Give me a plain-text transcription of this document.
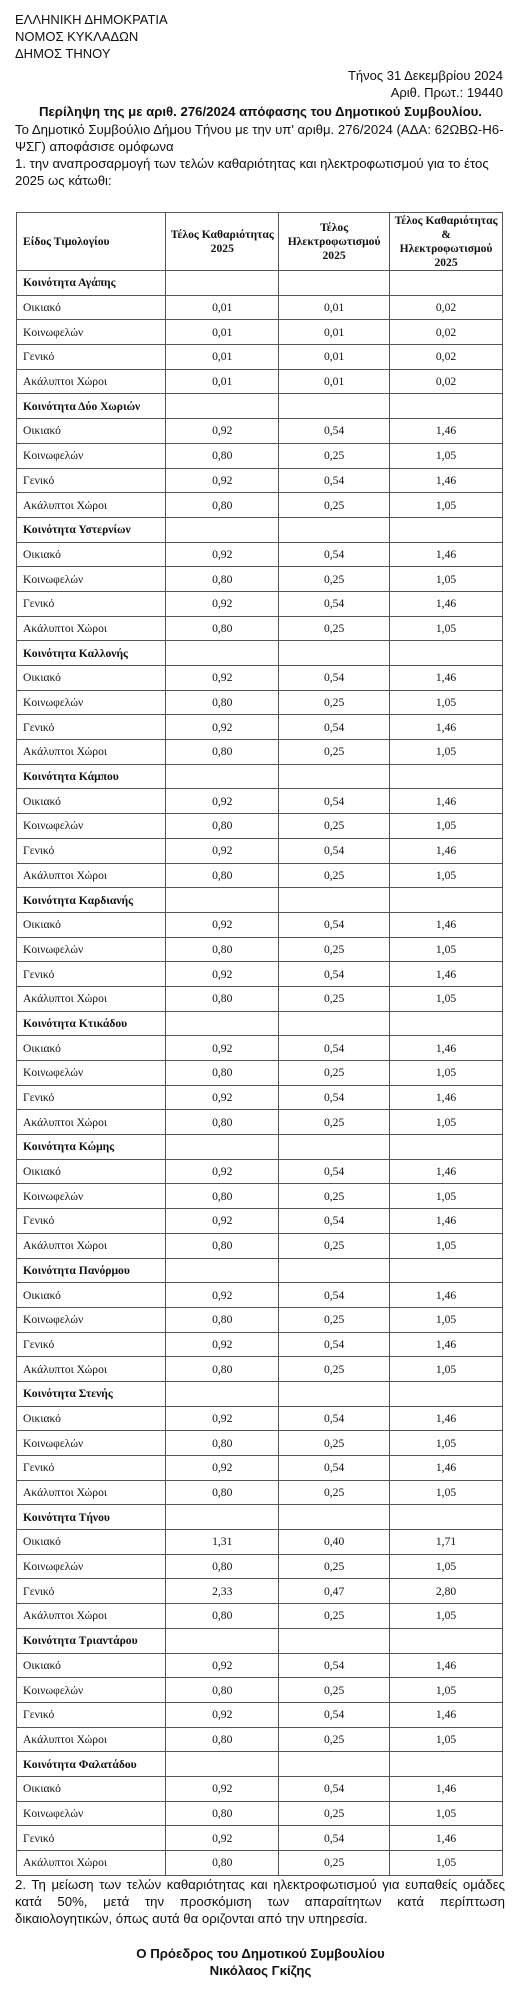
ΕΛΛΗΝΙΚΗ ΔΗΜΟΚΡΑΤΙΑ
ΝΟΜΟΣ ΚΥΚΛΑΔΩΝ
ΔΗΜΟΣ ΤΗΝΟΥ
Τήνος 31 Δεκεμβρίου 2024
Αριθ. Πρωτ.: 19440
Περίληψη της με αριθ. 276/2024 απόφασης του Δημοτικού Συμβουλίου.

Το Δημοτικό Συμβούλιο Δήμου Τήνου με την υπ' αριθμ. 276/2024 (ΑΔΑ: 62ΩΒΩ-Η6-ΨΣΓ) αποφάσισε ομόφωνα

1. την αναπροσαρμογή των τελών καθαριότητας και ηλεκτροφωτισμού για το έτος 2025 ως κάτωθι:

Είδος Τιμολογίου	Τέλος Καθαριότητας 2025	Τέλος Ηλεκτροφωτισμού 2025	Τέλος Καθαριότητας & Ηλεκτροφωτισμού 2025
Κοινότητα Αγάπης			
Οικιακό	0,01	0,01	0,02
Κοινωφελών	0,01	0,01	0,02
Γενικό	0,01	0,01	0,02
Ακάλυπτοι Χώροι	0,01	0,01	0,02
Κοινότητα Δύο Χωριών			
Οικιακό	0,92	0,54	1,46
Κοινωφελών	0,80	0,25	1,05
Γενικό	0,92	0,54	1,46
Ακάλυπτοι Χώροι	0,80	0,25	1,05
Κοινότητα Υστερνίων			
Οικιακό	0,92	0,54	1,46
Κοινωφελών	0,80	0,25	1,05
Γενικό	0,92	0,54	1,46
Ακάλυπτοι Χώροι	0,80	0,25	1,05
Κοινότητα Καλλονής			
Οικιακό	0,92	0,54	1,46
Κοινωφελών	0,80	0,25	1,05
Γενικό	0,92	0,54	1,46
Ακάλυπτοι Χώροι	0,80	0,25	1,05
Κοινότητα Κάμπου			
Οικιακό	0,92	0,54	1,46
Κοινωφελών	0,80	0,25	1,05
Γενικό	0,92	0,54	1,46
Ακάλυπτοι Χώροι	0,80	0,25	1,05
Κοινότητα Καρδιανής			
Οικιακό	0,92	0,54	1,46
Κοινωφελών	0,80	0,25	1,05
Γενικό	0,92	0,54	1,46
Ακάλυπτοι Χώροι	0,80	0,25	1,05
Κοινότητα Κτικάδου			
Οικιακό	0,92	0,54	1,46
Κοινωφελών	0,80	0,25	1,05
Γενικό	0,92	0,54	1,46
Ακάλυπτοι Χώροι	0,80	0,25	1,05
Κοινότητα Κώμης			
Οικιακό	0,92	0,54	1,46
Κοινωφελών	0,80	0,25	1,05
Γενικό	0,92	0,54	1,46
Ακάλυπτοι Χώροι	0,80	0,25	1,05
Κοινότητα Πανόρμου			
Οικιακό	0,92	0,54	1,46
Κοινωφελών	0,80	0,25	1,05
Γενικό	0,92	0,54	1,46
Ακάλυπτοι Χώροι	0,80	0,25	1,05
Κοινότητα Στενής			
Οικιακό	0,92	0,54	1,46
Κοινωφελών	0,80	0,25	1,05
Γενικό	0,92	0,54	1,46
Ακάλυπτοι Χώροι	0,80	0,25	1,05
Κοινότητα Τήνου			
Οικιακό	1,31	0,40	1,71
Κοινωφελών	0,80	0,25	1,05
Γενικό	2,33	0,47	2,80
Ακάλυπτοι Χώροι	0,80	0,25	1,05
Κοινότητα Τριαντάρου			
Οικιακό	0,92	0,54	1,46
Κοινωφελών	0,80	0,25	1,05
Γενικό	0,92	0,54	1,46
Ακάλυπτοι Χώροι	0,80	0,25	1,05
Κοινότητα Φαλατάδου			
Οικιακό	0,92	0,54	1,46
Κοινωφελών	0,80	0,25	1,05
Γενικό	0,92	0,54	1,46
Ακάλυπτοι Χώροι	0,80	0,25	1,05

2. Τη μείωση των τελών καθαριότητας και ηλεκτροφωτισμού για ευπαθείς ομάδες κατά 50%, μετά την προσκόμιση των απαραίτητων κατά περίπτωση δικαιολογητικών, όπως αυτά θα οριζονται από την υπηρεσία.

Ο Πρόεδρος του Δημοτικού Συμβουλίου
Νικόλαος Γκίζης
